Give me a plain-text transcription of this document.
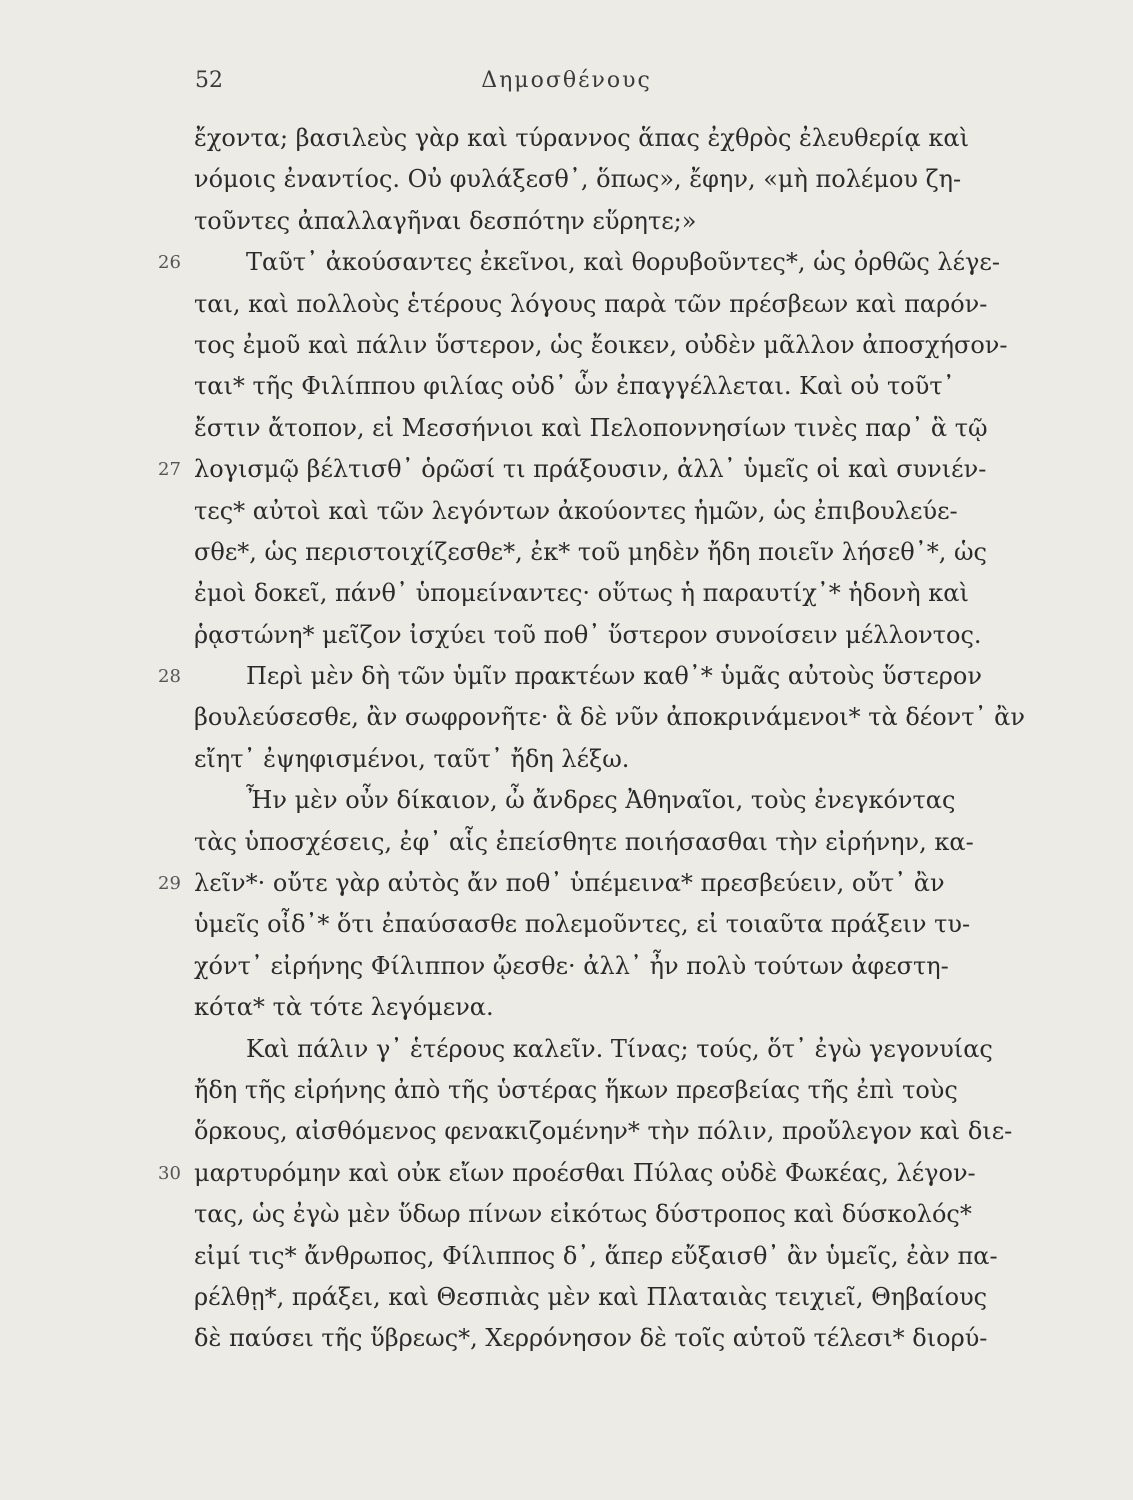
52	Δημοσθένους
ἔχοντα; βασιλεὺς γὰρ καὶ τύραννος ἅπας ἐχθρὸς ἐλευθερίᾳ καὶ
νόμοις ἐναντίος. Οὐ φυλάξεσθ᾽, ὅπως», ἔφην, «μὴ πολέμου ζη-
τοῦντες ἀπαλλαγῆναι δεσπότην εὕρητε;»
26	Ταῦτ᾽ ἀκούσαντες ἐκεῖνοι, καὶ θορυβοῦντες*, ὡς ὀρθῶς λέγε-
ται, καὶ πολλοὺς ἑτέρους λόγους παρὰ τῶν πρέσβεων καὶ παρόν-
τος ἐμοῦ καὶ πάλιν ὕστερον, ὡς ἔοικεν, οὐδὲν μᾶλλον ἀποσχήσον-
ται* τῆς Φιλίππου φιλίας οὐδ᾽ ὧν ἐπαγγέλλεται. Καὶ οὐ τοῦτ᾽
ἔστιν ἄτοπον, εἰ Μεσσήνιοι καὶ Πελοποννησίων τινὲς παρ᾽ ἃ τῷ
27 λογισμῷ βέλτισθ᾽ ὁρῶσί τι πράξουσιν, ἀλλ᾽ ὑμεῖς οἱ καὶ συνιέν-
τες* αὐτοὶ καὶ τῶν λεγόντων ἀκούοντες ἡμῶν, ὡς ἐπιβουλεύε-
σθε*, ὡς περιστοιχίζεσθε*, ἐκ* τοῦ μηδὲν ἤδη ποιεῖν λήσεθ᾽*, ὡς
ἐμοὶ δοκεῖ, πάνθ᾽ ὑπομείναντες· οὕτως ἡ παραυτίχ᾽* ἡδονὴ καὶ
ῥᾳστώνη* μεῖζον ἰσχύει τοῦ ποθ᾽ ὕστερον συνοίσειν μέλλοντος.
28	Περὶ μὲν δὴ τῶν ὑμῖν πρακτέων καθ᾽* ὑμᾶς αὐτοὺς ὕστερον
βουλεύσεσθε, ἂν σωφρονῆτε· ἃ δὲ νῦν ἀποκρινάμενοι* τὰ δέοντ᾽ ἂν
εἴητ᾽ ἐψηφισμένοι, ταῦτ᾽ ἤδη λέξω.
Ἦν μὲν οὖν δίκαιον, ὦ ἄνδρες Ἀθηναῖοι, τοὺς ἐνεγκόντας
τὰς ὑποσχέσεις, ἐφ᾽ αἷς ἐπείσθητε ποιήσασθαι τὴν εἰρήνην, κα-
29 λεῖν*· οὔτε γὰρ αὐτὸς ἄν ποθ᾽ ὑπέμεινα* πρεσβεύειν, οὔτ᾽ ἂν
ὑμεῖς οἶδ᾽* ὅτι ἐπαύσασθε πολεμοῦντες, εἰ τοιαῦτα πράξειν τυ-
χόντ᾽ εἰρήνης Φίλιππον ᾤεσθε· ἀλλ᾽ ἦν πολὺ τούτων ἀφεστη-
κότα* τὰ τότε λεγόμενα.
Καὶ πάλιν γ᾽ ἑτέρους καλεῖν. Τίνας; τούς, ὅτ᾽ ἐγὼ γεγονυίας
ἤδη τῆς εἰρήνης ἀπὸ τῆς ὑστέρας ἥκων πρεσβείας τῆς ἐπὶ τοὺς
ὅρκους, αἰσθόμενος φενακιζομένην* τὴν πόλιν, προὔλεγον καὶ διε-
30 μαρτυρόμην καὶ οὐκ εἴων προέσθαι Πύλας οὐδὲ Φωκέας, λέγον-
τας, ὡς ἐγὼ μὲν ὕδωρ πίνων εἰκότως δύστροπος καὶ δύσκολός*
εἰμί τις* ἄνθρωπος, Φίλιππος δ᾽, ἅπερ εὔξαισθ᾽ ἂν ὑμεῖς, ἐὰν πα-
ρέλθῃ*, πράξει, καὶ Θεσπιὰς μὲν καὶ Πλαταιὰς τειχιεῖ, Θηβαίους
δὲ παύσει τῆς ὕβρεως*, Χερρόνησον δὲ τοῖς αὑτοῦ τέλεσι* διορύ-
